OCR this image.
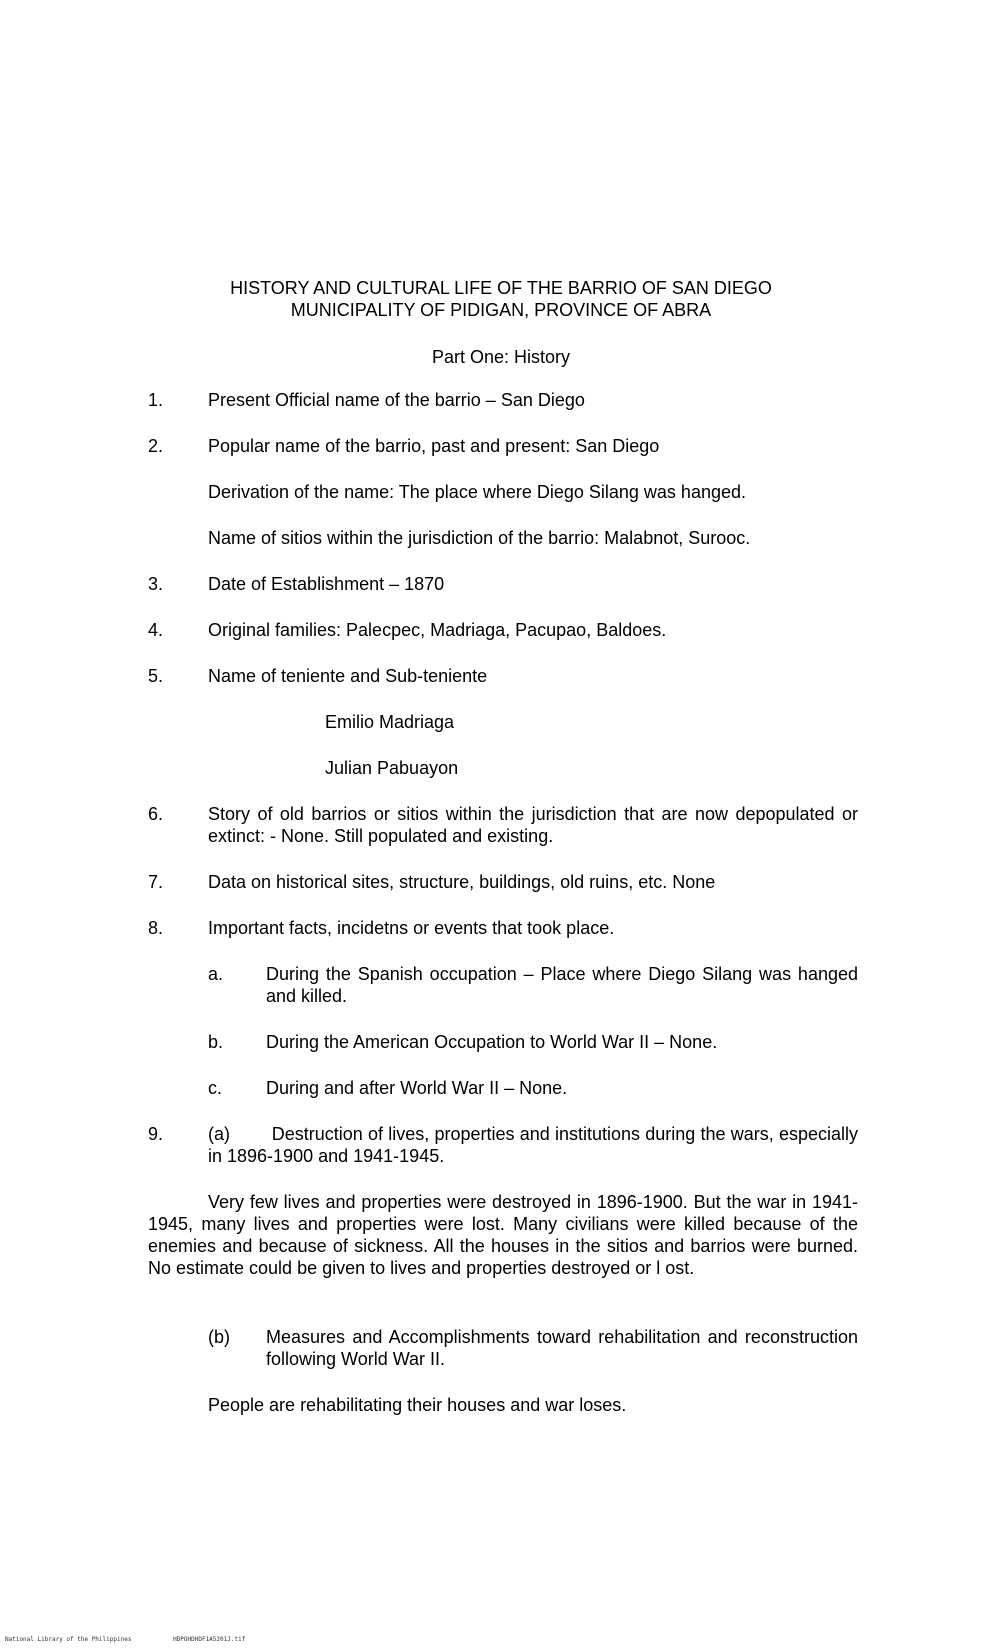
HISTORY AND CULTURAL LIFE OF THE BARRIO OF SAN DIEGO
MUNICIPALITY OF PIDIGAN, PROVINCE OF ABRA
Part One: History
1.	Present Official name of the barrio – San Diego
2.	Popular name of the barrio, past and present: San Diego
Derivation of the name: The place where Diego Silang was hanged.
Name of sitios within the jurisdiction of the barrio: Malabnot, Surooc.
3.	Date of Establishment – 1870
4.	Original families: Palecpec, Madriaga, Pacupao, Baldoes.
5.	Name of teniente and Sub-teniente
Emilio Madriaga
Julian Pabuayon
6.	Story of old barrios or sitios within the jurisdiction that are now depopulated or extinct: - None. Still populated and existing.
7.	Data on historical sites, structure, buildings, old ruins, etc. None
8.	Important facts, incidetns or events that took place.
a. During the Spanish occupation – Place where Diego Silang was hanged and killed.
b. During the American Occupation to World War II – None.
c. During and after World War II – None.
9.	(a) Destruction of lives, properties and institutions during the wars, especially in 1896-1900 and 1941-1945.
Very few lives and properties were destroyed in 1896-1900. But the war in 1941-1945, many lives and properties were lost. Many civilians were killed because of the enemies and because of sickness. All the houses in the sitios and barrios were burned. No estimate could be given to lives and properties destroyed or l ost.
(b) Measures and Accomplishments toward rehabilitation and reconstruction following World War II.
People are rehabilitating their houses and war loses.
National Library of the Philippines	HDPOHDHDF1A5201J.tif
